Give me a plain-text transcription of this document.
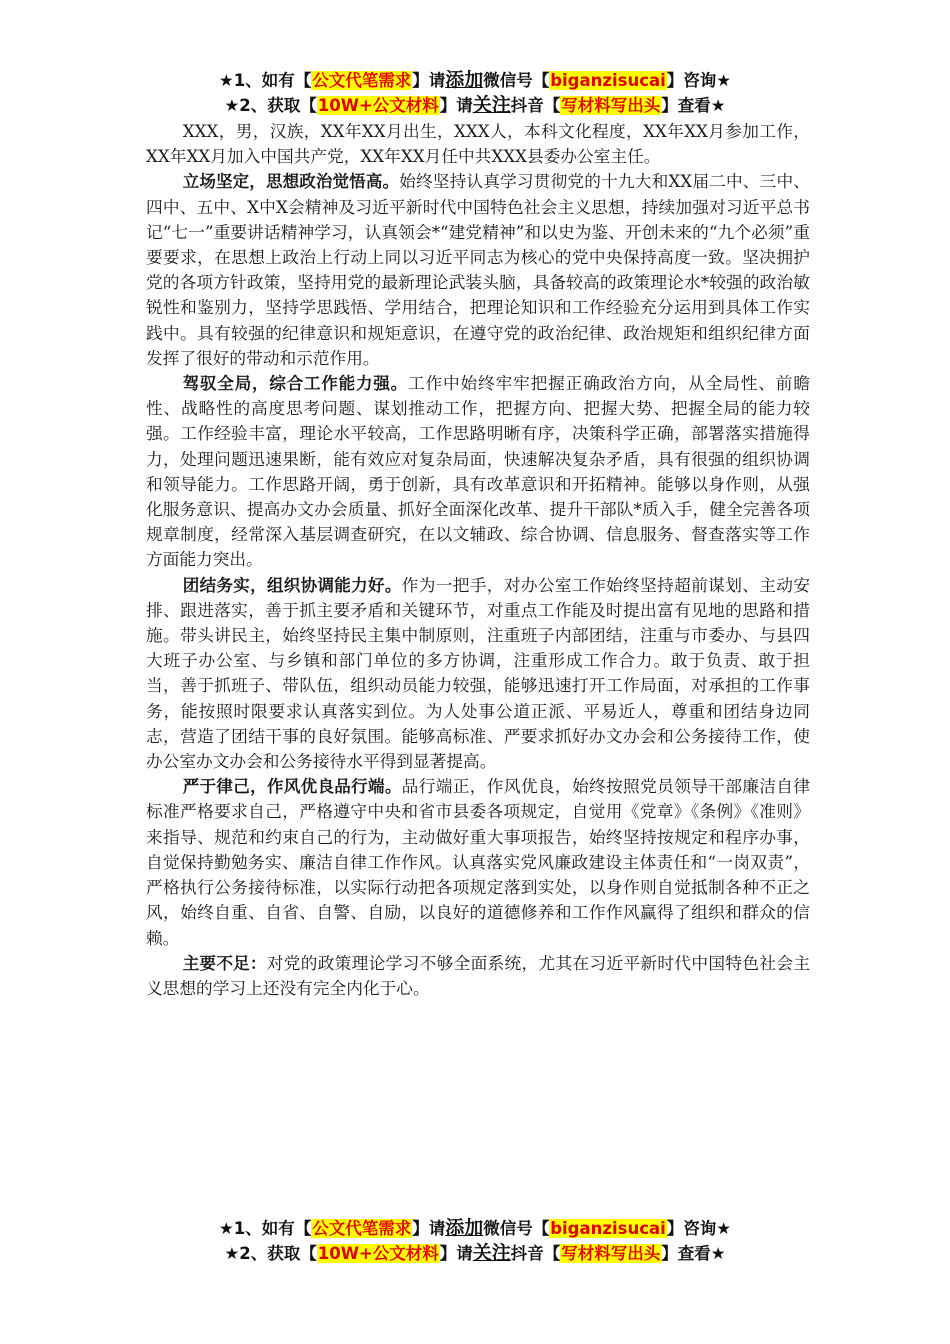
★1、如有【公文代笔需求】请添加微信号【biganzisucai】咨询★
★2、获取【10W+公文材料】请关注抖音【写材料写出头】查看★

XXX，男，汉族，XX年XX月出生，XXX人，本科文化程度，XX年XX月参加工作，XX年XX月加入中国共产党，XX年XX月任中共XXX县委办公室主任。

立场坚定，思想政治觉悟高。始终坚持认真学习贯彻党的十九大和XX届二中、三中、四中、五中、X中X会精神及习近平新时代中国特色社会主义思想，持续加强对习近平总书记“七一”重要讲话精神学习，认真领会*“建党精神”和以史为鉴、开创未来的“九个必须”重要要求，在思想上政治上行动上同以习近平同志为核心的党中央保持高度一致。坚决拥护党的各项方针政策，坚持用党的最新理论武装头脑，具备较高的政策理论水*较强的政治敏锐性和鉴别力，坚持学思践悟、学用结合，把理论知识和工作经验充分运用到具体工作实践中。具有较强的纪律意识和规矩意识，在遵守党的政治纪律、政治规矩和组织纪律方面发挥了很好的带动和示范作用。

驾驭全局，综合工作能力强。工作中始终牢牢把握正确政治方向，从全局性、前瞻性、战略性的高度思考问题、谋划推动工作，把握方向、把握大势、把握全局的能力较强。工作经验丰富，理论水平较高，工作思路明晰有序，决策科学正确，部署落实措施得力，处理问题迅速果断，能有效应对复杂局面，快速解决复杂矛盾，具有很强的组织协调和领导能力。工作思路开阔，勇于创新，具有改革意识和开拓精神。能够以身作则，从强化服务意识、提高办文办会质量、抓好全面深化改革、提升干部队*质入手，健全完善各项规章制度，经常深入基层调查研究，在以文辅政、综合协调、信息服务、督查落实等工作方面能力突出。

团结务实，组织协调能力好。作为一把手，对办公室工作始终坚持超前谋划、主动安排、跟进落实，善于抓主要矛盾和关键环节，对重点工作能及时提出富有见地的思路和措施。带头讲民主，始终坚持民主集中制原则，注重班子内部团结，注重与市委办、与县四大班子办公室、与乡镇和部门单位的多方协调，注重形成工作合力。敢于负责、敢于担当，善于抓班子、带队伍，组织动员能力较强，能够迅速打开工作局面，对承担的工作事务，能按照时限要求认真落实到位。为人处事公道正派、平易近人，尊重和团结身边同志，营造了团结干事的良好氛围。能够高标准、严要求抓好办文办会和公务接待工作，使办公室办文办会和公务接待水平得到显著提高。

严于律己，作风优良品行端。品行端正，作风优良，始终按照党员领导干部廉洁自律标准严格要求自己，严格遵守中央和省市县委各项规定，自觉用《党章》《条例》《准则》来指导、规范和约束自己的行为，主动做好重大事项报告，始终坚持按规定和程序办事，自觉保持勤勉务实、廉洁自律工作作风。认真落实党风廉政建设主体责任和“一岗双责”，严格执行公务接待标准，以实际行动把各项规定落到实处，以身作则自觉抵制各种不正之风，始终自重、自省、自警、自励，以良好的道德修养和工作作风赢得了组织和群众的信赖。

主要不足：对党的政策理论学习不够全面系统，尤其在习近平新时代中国特色社会主义思想的学习上还没有完全内化于心。

★1、如有【公文代笔需求】请添加微信号【biganzisucai】咨询★
★2、获取【10W+公文材料】请关注抖音【写材料写出头】查看★
